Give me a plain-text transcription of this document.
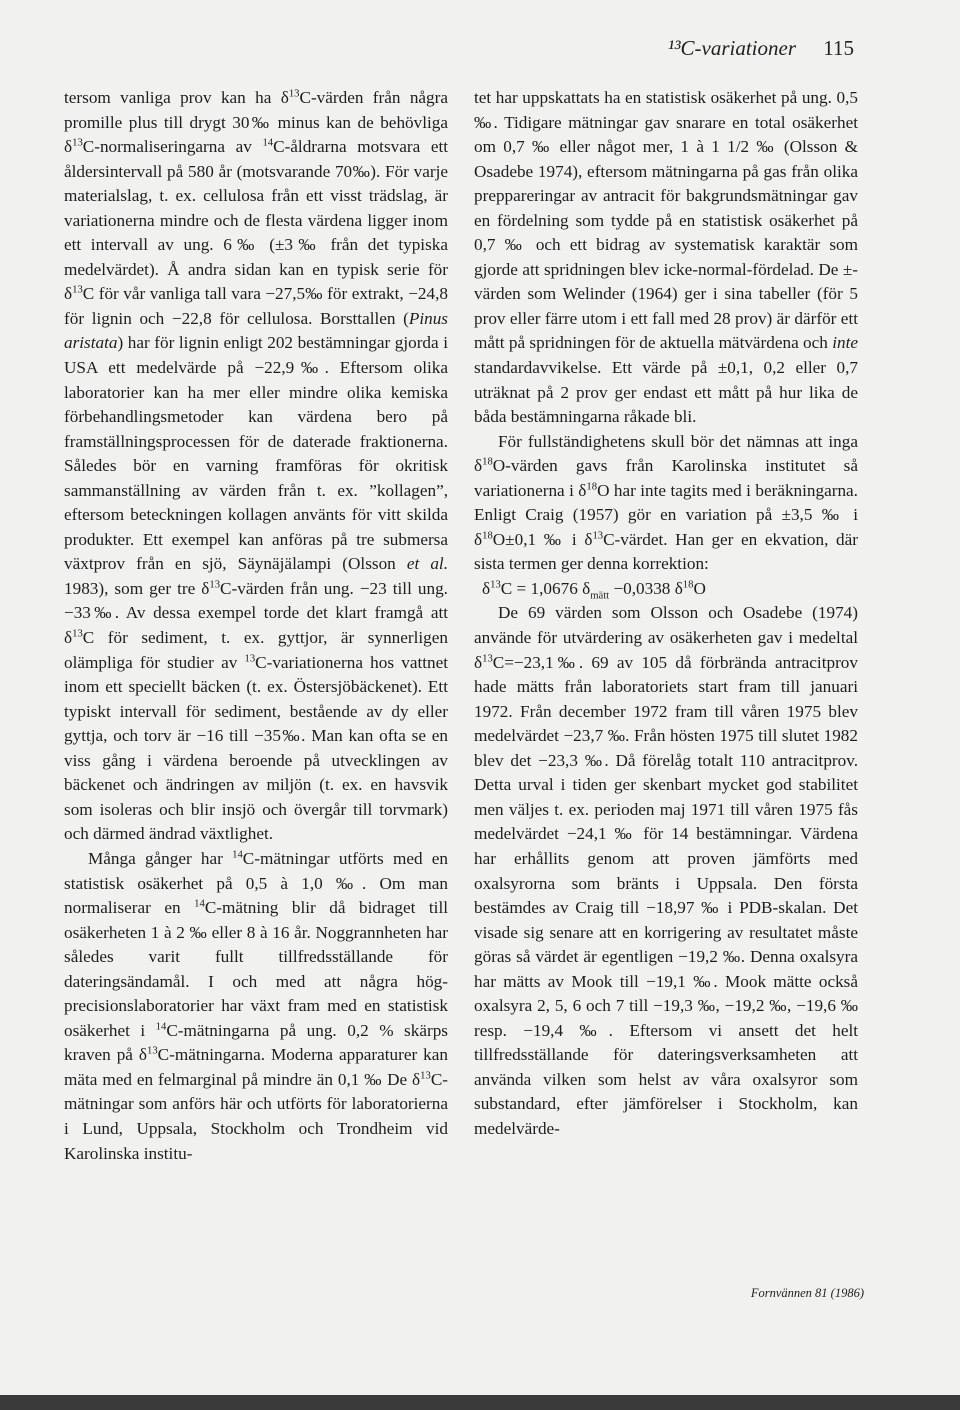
¹³C-variationer 115

tersom vanliga prov kan ha $\delta^{13}C$-värden från några promille plus till drygt 30‰ minus kan de behövliga $\delta^{13}C$-normaliseringarna av $^{14}$C-åldrarna motsvara ett åldersintervall på 580 år (motsvarande 70‰). För varje materialslag, t. ex. cellulosa från ett visst trädslag, är variationerna mindre och de flesta värdena ligger inom ett intervall av ung. 6‰ (±3‰ från det typiska medelvärdet). Å andra sidan kan en typisk serie för $\delta^{13}C$ för vår vanliga tall vara −27,5‰ för extrakt, −24,8 för lignin och −22,8 för cellulosa. Borsttallen (Pinus aristata) har för lignin enligt 202 bestämningar gjorda i USA ett medelvärde på −22,9‰. Eftersom olika laboratorier kan ha mer eller mindre olika kemiska förbehandlingsmetoder kan värdena bero på framställningsprocessen för de daterade fraktionerna. Således bör en varning framföras för okritisk sammanställning av värden från t. ex. ”kollagen”, eftersom beteckningen kollagen använts för vitt skilda produkter. Ett exempel kan anföras på tre submersa växtprov från en sjö, Säynäjälampi (Olsson et al. 1983), som ger tre $\delta^{13}C$-värden från ung. −23 till ung. −33‰. Av dessa exempel torde det klart framgå att $\delta^{13}C$ för sediment, t. ex. gyttjor, är synnerligen olämpliga för studier av $^{13}$C-variationerna hos vattnet inom ett speciellt bäcken (t. ex. Östersjöbäckenet). Ett typiskt intervall för sediment, bestående av dy eller gyttja, och torv är −16 till −35‰. Man kan ofta se en viss gång i värdena beroende på utvecklingen av bäckenet och ändringen av miljön (t. ex. en havsvik som isoleras och blir insjö och övergår till torvmark) och därmed ändrad växtlighet.

Många gånger har $^{14}$C-mätningar utförts med en statistisk osäkerhet på 0,5 à 1,0 ‰. Om man normaliserar en $^{14}$C-mätning blir då bidraget till osäkerheten 1 à 2 ‰ eller 8 à 16 år. Noggrannheten har således varit fullt tillfredsställande för dateringsändamål. I och med att några hög-precisionslaboratorier har växt fram med en statistisk osäkerhet i $^{14}$C-mätningarna på ung. 0,2 % skärps kraven på $\delta^{13}C$-mätningarna. Moderna apparaturer kan mäta med en felmarginal på mindre än 0,1 ‰ De $\delta^{13}C$-mätningar som anförs här och utförts för laboratorierna i Lund, Uppsala, Stockholm och Trondheim vid Karolinska institu-

tet har uppskattats ha en statistisk osäkerhet på ung. 0,5 ‰. Tidigare mätningar gav snarare en total osäkerhet om 0,7 ‰ eller något mer, 1 à 1 1/2 ‰ (Olsson & Osadebe 1974), eftersom mätningarna på gas från olika preppareringar av antracit för bakgrundsmätningar gav en fördelning som tydde på en statistisk osäkerhet på 0,7 ‰ och ett bidrag av systematisk karaktär som gjorde att spridningen blev icke-normal-fördelad. De ±-värden som Welinder (1964) ger i sina tabeller (för 5 prov eller färre utom i ett fall med 28 prov) är därför ett mått på spridningen för de aktuella mätvärdena och inte standardavvikelse. Ett värde på ±0,1, 0,2 eller 0,7 uträknat på 2 prov ger endast ett mått på hur lika de båda bestämningarna råkade bli.

För fullständighetens skull bör det nämnas att inga $\delta^{18}O$-värden gavs från Karolinska institutet så variationerna i $\delta^{18}O$ har inte tagits med i beräkningarna. Enligt Craig (1957) gör en variation på ±3,5 ‰ i $\delta^{18}O\pm 0,1$ ‰ i $\delta^{13}C$-värdet. Han ger en ekvation, där sista termen ger denna korrektion:

$\delta^{13}C = 1,0676$ $\delta_{mätt} -0,0338$ $\delta^{18}O$

De 69 värden som Olsson och Osadebe (1974) använde för utvärdering av osäkerheten gav i medeltal $\delta^{13}C=-23,1‰$. 69 av 105 då förbrända antracitprov hade mätts från laboratoriets start fram till januari 1972. Från december 1972 fram till våren 1975 blev medelvärdet −23,7 ‰. Från hösten 1975 till slutet 1982 blev det −23,3 ‰. Då förelåg totalt 110 antracitprov. Detta urval i tiden ger skenbart mycket god stabilitet men väljes t. ex. perioden maj 1971 till våren 1975 fås medelvärdet −24,1 ‰ för 14 bestämningar. Värdena har erhållits genom att proven jämförts med oxalsyrorna som bränts i Uppsala. Den första bestämdes av Craig till −18,97 ‰ i PDB-skalan. Det visade sig senare att en korrigering av resultatet måste göras så värdet är egentligen −19,2 ‰. Denna oxalsyra har mätts av Mook till −19,1 ‰. Mook mätte också oxalsyra 2, 5, 6 och 7 till −19,3 ‰, −19,2 ‰, −19,6 ‰ resp. −19,4 ‰. Eftersom vi ansett det helt tillfredsställande för dateringsverksamheten att använda vilken som helst av våra oxalsyror som substandard, efter jämförelser i Stockholm, kan medelvärde-

Fornvännen 81 (1986)
